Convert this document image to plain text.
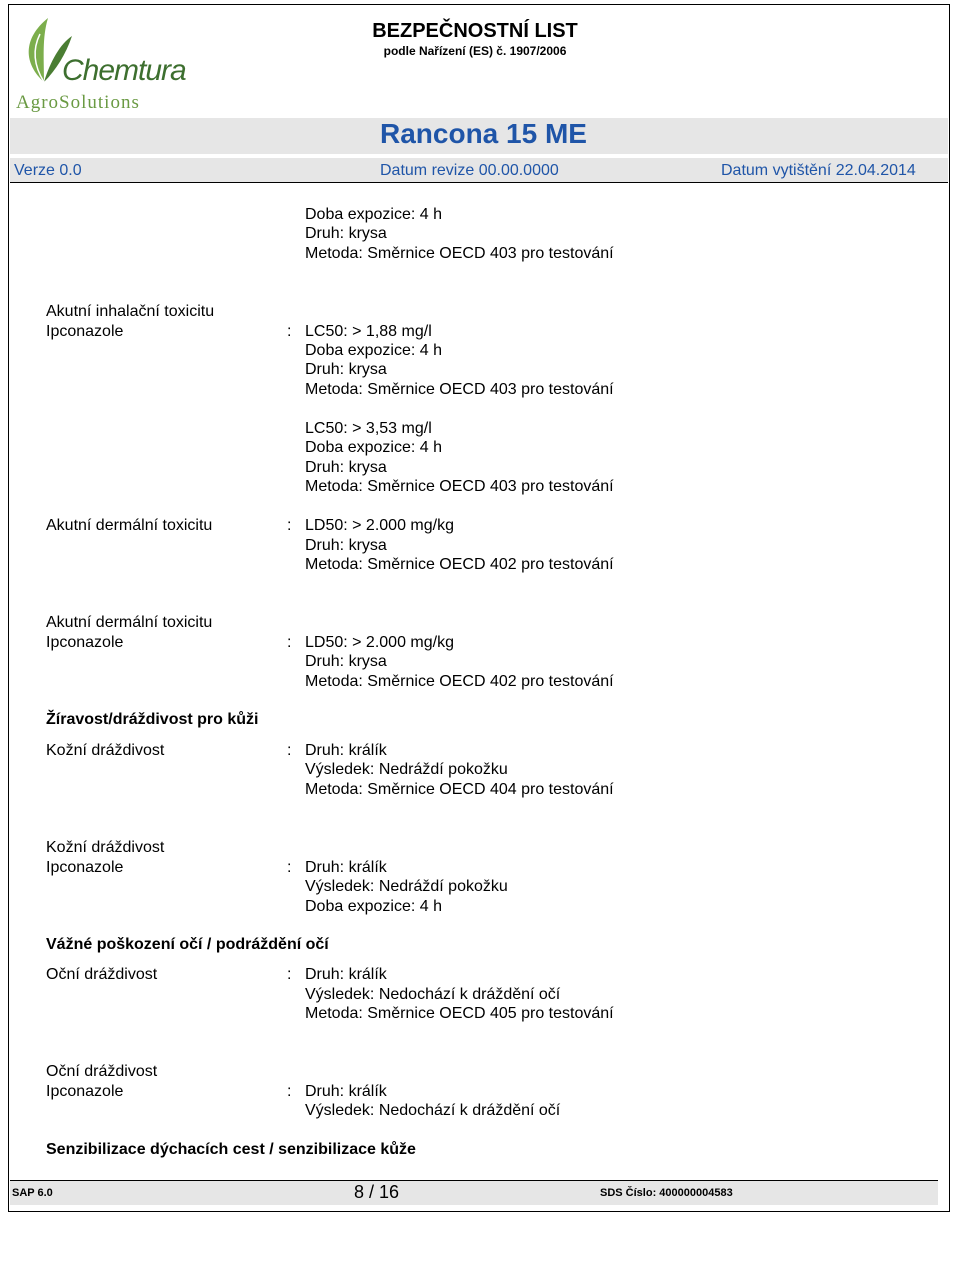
Chemtura
AgroSolutions
BEZPEČNOSTNÍ LIST
podle Nařízení (ES) č. 1907/2006
Rancona 15 ME
Verze 0.0	Datum revize 00.00.0000	Datum vytištění 22.04.2014
Doba expozice: 4 h
Druh: krysa
Metoda: Směrnice OECD 403 pro testování
Akutní inhalační toxicitu
Ipconazole	: LC50: > 1,88 mg/l
Doba expozice: 4 h
Druh: krysa
Metoda: Směrnice OECD 403 pro testování
LC50: > 3,53 mg/l
Doba expozice: 4 h
Druh: krysa
Metoda: Směrnice OECD 403 pro testování
Akutní dermální toxicitu	: LD50: > 2.000 mg/kg
Druh: krysa
Metoda: Směrnice OECD 402 pro testování
Akutní dermální toxicitu
Ipconazole	: LD50: > 2.000 mg/kg
Druh: krysa
Metoda: Směrnice OECD 402 pro testování
Žíravost/dráždivost pro kůži
Kožní dráždivost	: Druh: králík
Výsledek: Nedráždí pokožku
Metoda: Směrnice OECD 404 pro testování
Kožní dráždivost
Ipconazole	: Druh: králík
Výsledek: Nedráždí pokožku
Doba expozice: 4 h
Vážné poškození očí / podráždění očí
Oční dráždivost	: Druh: králík
Výsledek: Nedochází k dráždění očí
Metoda: Směrnice OECD 405 pro testování
Oční dráždivost
Ipconazole	: Druh: králík
Výsledek: Nedochází k dráždění očí
Senzibilizace dýchacích cest / senzibilizace kůže
SAP 6.0	8 / 16	SDS Číslo: 400000004583
